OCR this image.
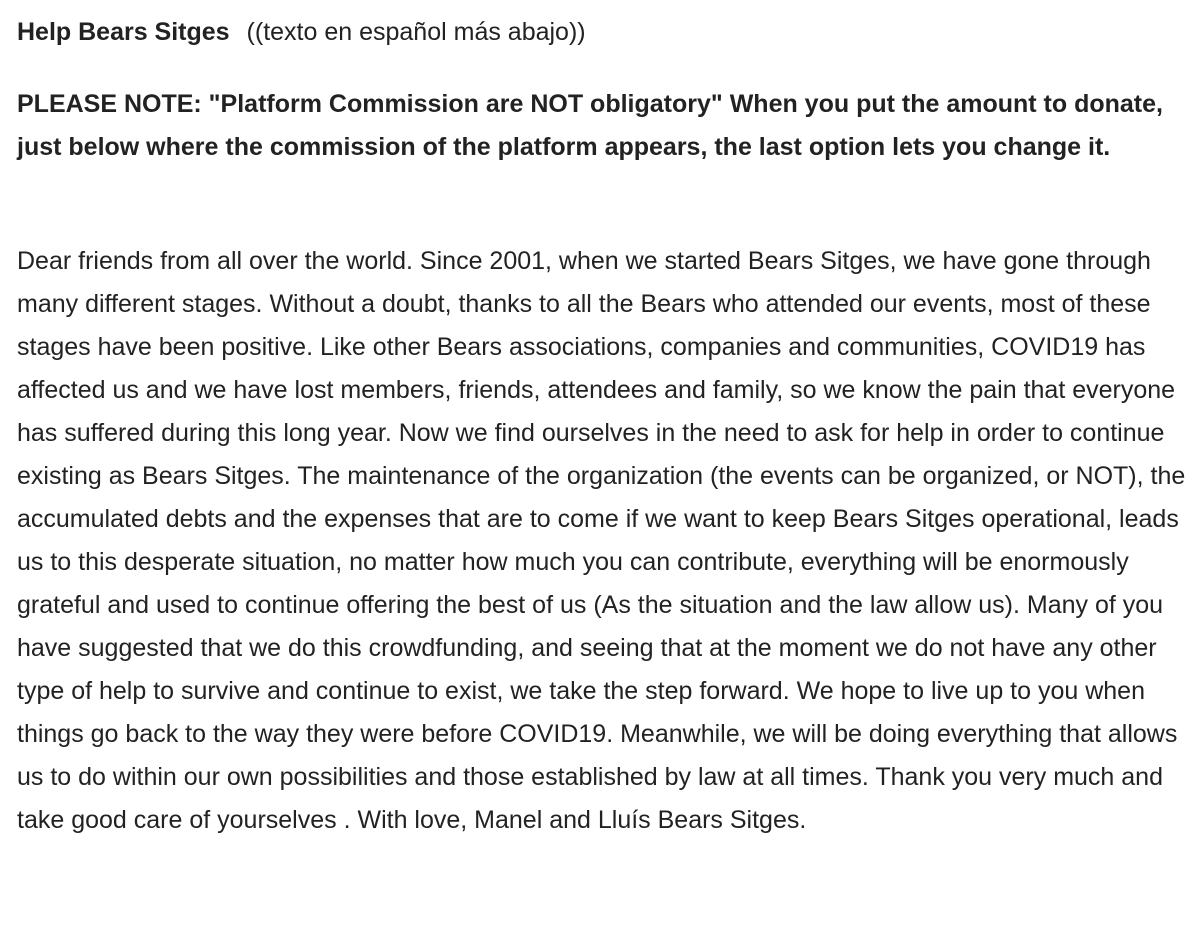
Help Bears Sitges ((texto en español más abajo))

PLEASE NOTE: "Platform Commission are NOT obligatory" When you put the amount to donate, just below where the commission of the platform appears, the last option lets you change it.

Dear friends from all over the world. Since 2001, when we started Bears Sitges, we have gone through many different stages. Without a doubt, thanks to all the Bears who attended our events, most of these stages have been positive. Like other Bears associations, companies and communities, COVID19 has affected us and we have lost members, friends, attendees and family, so we know the pain that everyone has suffered during this long year. Now we find ourselves in the need to ask for help in order to continue existing as Bears Sitges. The maintenance of the organization (the events can be organized, or NOT), the accumulated debts and the expenses that are to come if we want to keep Bears Sitges operational, leads us to this desperate situation, no matter how much you can contribute, everything will be enormously grateful and used to continue offering the best of us (As the situation and the law allow us). Many of you have suggested that we do this crowdfunding, and seeing that at the moment we do not have any other type of help to survive and continue to exist, we take the step forward. We hope to live up to you when things go back to the way they were before COVID19. Meanwhile, we will be doing everything that allows us to do within our own possibilities and those established by law at all times. Thank you very much and take good care of yourselves . With love, Manel and Lluís Bears Sitges.
